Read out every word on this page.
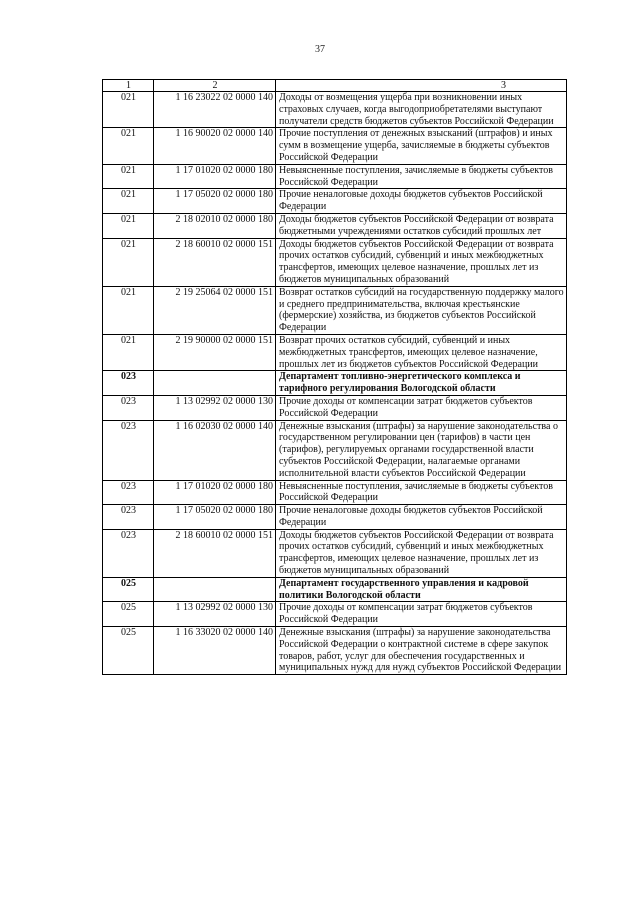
37
1	2	3
021	1 16 23022 02 0000 140	Доходы от возмещения ущерба при возникновении иных страховых случаев, когда выгодоприобретателями выступают получатели средств бюджетов субъектов Российской Федерации
021	1 16 90020 02 0000 140	Прочие поступления от денежных взысканий (штрафов) и иных сумм в возмещение ущерба, зачисляемые в бюджеты субъектов Российской Федерации
021	1 17 01020 02 0000 180	Невыясненные поступления, зачисляемые в бюджеты субъектов Российской Федерации
021	1 17 05020 02 0000 180	Прочие неналоговые доходы бюджетов субъектов Российской Федерации
021	2 18 02010 02 0000 180	Доходы бюджетов субъектов Российской Федерации от возврата бюджетными учреждениями остатков субсидий прошлых лет
021	2 18 60010 02 0000 151	Доходы бюджетов субъектов Российской Федерации от возврата прочих остатков субсидий, субвенций и иных межбюджетных трансфертов, имеющих целевое назначение, прошлых лет из бюджетов муниципальных образований
021	2 19 25064 02 0000 151	Возврат остатков субсидий на государственную поддержку малого и среднего предпринимательства, включая крестьянские (фермерские) хозяйства, из бюджетов субъектов Российской Федерации
021	2 19 90000 02 0000 151	Возврат прочих остатков субсидий, субвенций и иных межбюджетных трансфертов, имеющих целевое назначение, прошлых лет из бюджетов субъектов Российской Федерации
023		Департамент топливно-энергетического комплекса и тарифного регулирования Вологодской области
023	1 13 02992 02 0000 130	Прочие доходы от компенсации затрат бюджетов субъектов Российской Федерации
023	1 16 02030 02 0000 140	Денежные взыскания (штрафы) за нарушение законодательства о государственном регулировании цен (тарифов) в части цен (тарифов), регулируемых органами государственной власти субъектов Российской Федерации, налагаемые органами исполнительной власти субъектов Российской Федерации
023	1 17 01020 02 0000 180	Невыясненные поступления, зачисляемые в бюджеты субъектов Российской Федерации
023	1 17 05020 02 0000 180	Прочие неналоговые доходы бюджетов субъектов Российской Федерации
023	2 18 60010 02 0000 151	Доходы бюджетов субъектов Российской Федерации от возврата прочих остатков субсидий, субвенций и иных межбюджетных трансфертов, имеющих целевое назначение, прошлых лет из бюджетов муниципальных образований
025		Департамент государственного управления и кадровой политики Вологодской области
025	1 13 02992 02 0000 130	Прочие доходы от компенсации затрат бюджетов субъектов Российской Федерации
025	1 16 33020 02 0000 140	Денежные взыскания (штрафы) за нарушение законодательства Российской Федерации о контрактной системе в сфере закупок товаров, работ, услуг для обеспечения государственных и муниципальных нужд для нужд субъектов Российской Федерации
